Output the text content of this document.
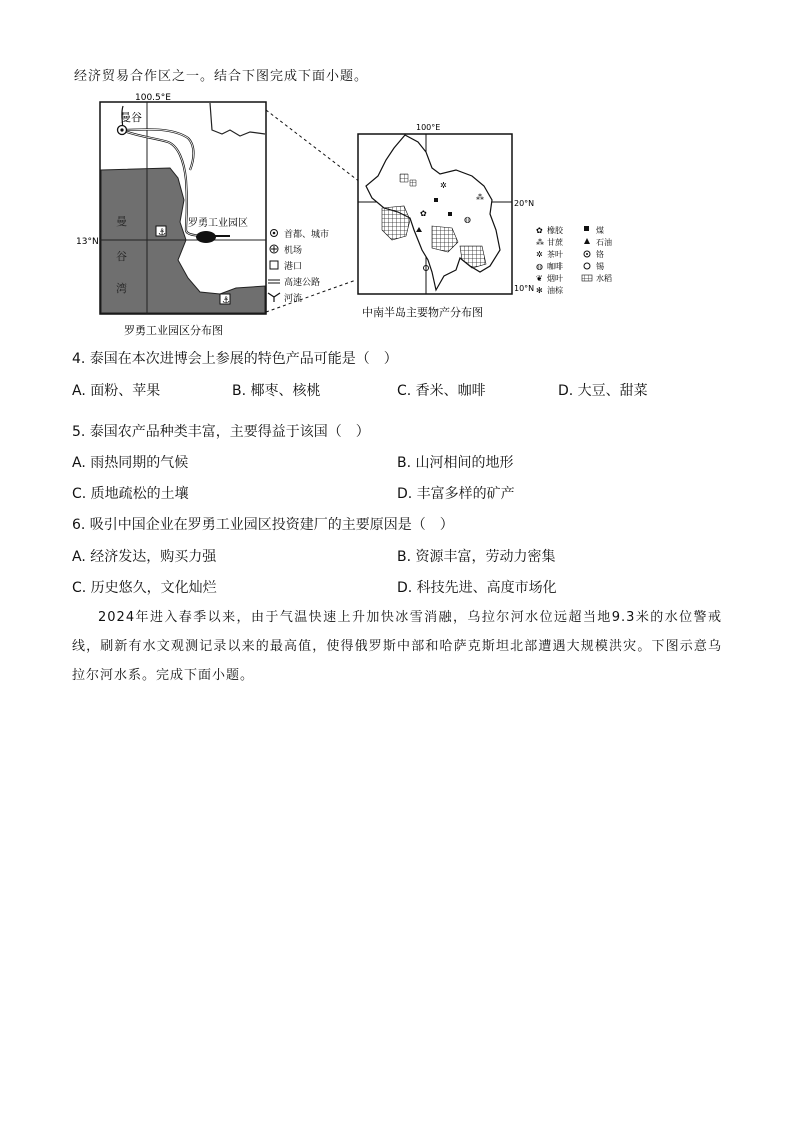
经济贸易合作区之一。结合下图完成下面小题。
曼谷
⚓
⚓
罗勇工业园区
曼
谷
湾
100.5°E
13°N
首都、城市
机场
港口
高速公路
河流
罗勇工业园区分布图
◍
✲
✿
⁂
100°E
20°N
10°N
✿ 橡胶
⁂ 甘蔗
✲ 茶叶
◍ 咖啡
❦ 烟叶
✻ 油棕
煤
石油
铬
锡
水稻
中南半岛主要物产分布图
4. 泰国在本次进博会上参展的特色产品可能是（　）
A. 面粉、苹果	B. 椰枣、核桃	C. 香米、咖啡	D. 大豆、甜菜
5. 泰国农产品种类丰富，主要得益于该国（　）
A. 雨热同期的气候	B. 山河相间的地形
C. 质地疏松的土壤	D. 丰富多样的矿产
6. 吸引中国企业在罗勇工业园区投资建厂的主要原因是（　）
A. 经济发达，购买力强	B. 资源丰富，劳动力密集
C. 历史悠久，文化灿烂	D. 科技先进、高度市场化
2024年进入春季以来，由于气温快速上升加快冰雪消融，乌拉尔河水位远超当地9.3米的水位警戒线，刷新有水文观测记录以来的最高值，使得俄罗斯中部和哈萨克斯坦北部遭遇大规模洪灾。下图示意乌拉尔河水系。完成下面小题。
